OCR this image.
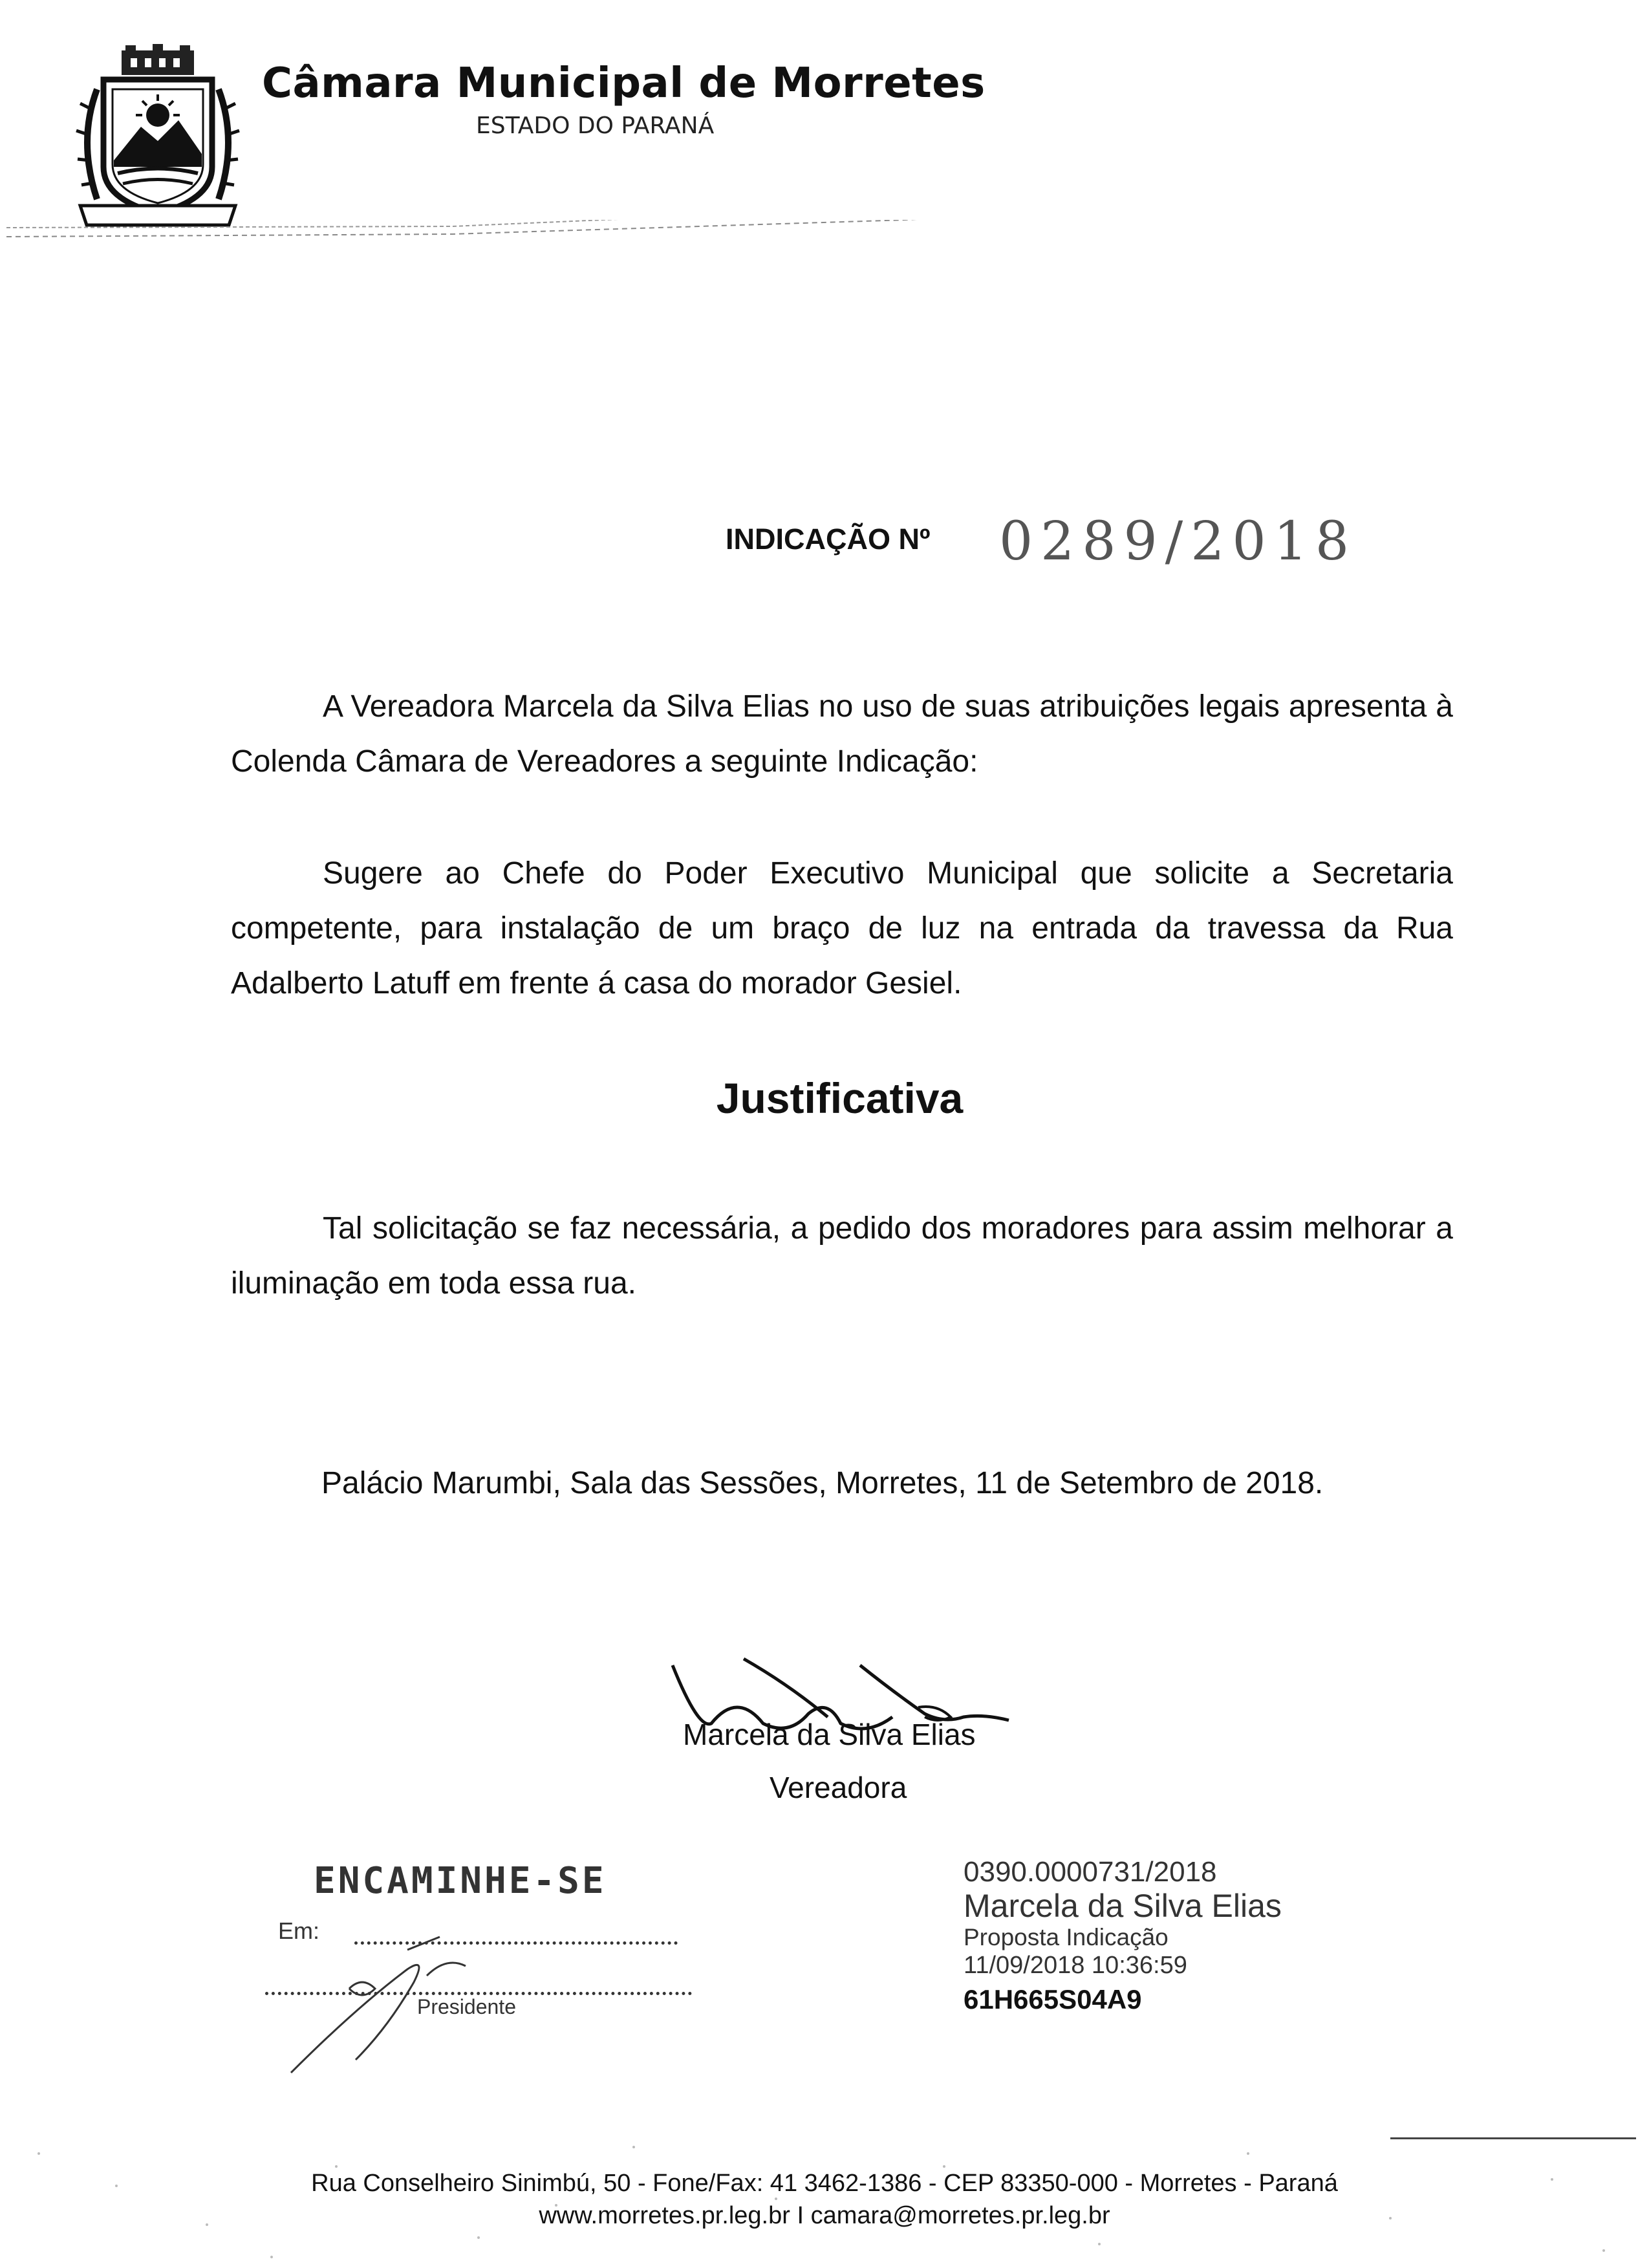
Câmara Municipal de Morretes
ESTADO DO PARANÁ
INDICAÇÃO Nº 0289/2018
A Vereadora Marcela da Silva Elias no uso de suas atribuições legais apresenta à Colenda Câmara de Vereadores a seguinte Indicação:
Sugere ao Chefe do Poder Executivo Municipal que solicite a Secretaria competente, para instalação de um braço de luz na entrada da travessa da Rua Adalberto Latuff em frente á casa do morador Gesiel.
Justificativa
Tal solicitação se faz necessária, a pedido dos moradores para assim melhorar a iluminação em toda essa rua.
Palácio Marumbi, Sala das Sessões, Morretes, 11 de Setembro de 2018.
Marcela da Silva Elias
Vereadora
ENCAMINHE-SE
Em:
Presidente
0390.0000731/2018
Marcela da Silva Elias
Proposta Indicação
11/09/2018 10:36:59
61H665S04A9
Rua Conselheiro Sinimbú, 50 - Fone/Fax: 41 3462-1386 - CEP 83350-000 - Morretes - Paraná
www.morretes.pr.leg.br I camara@morretes.pr.leg.br
